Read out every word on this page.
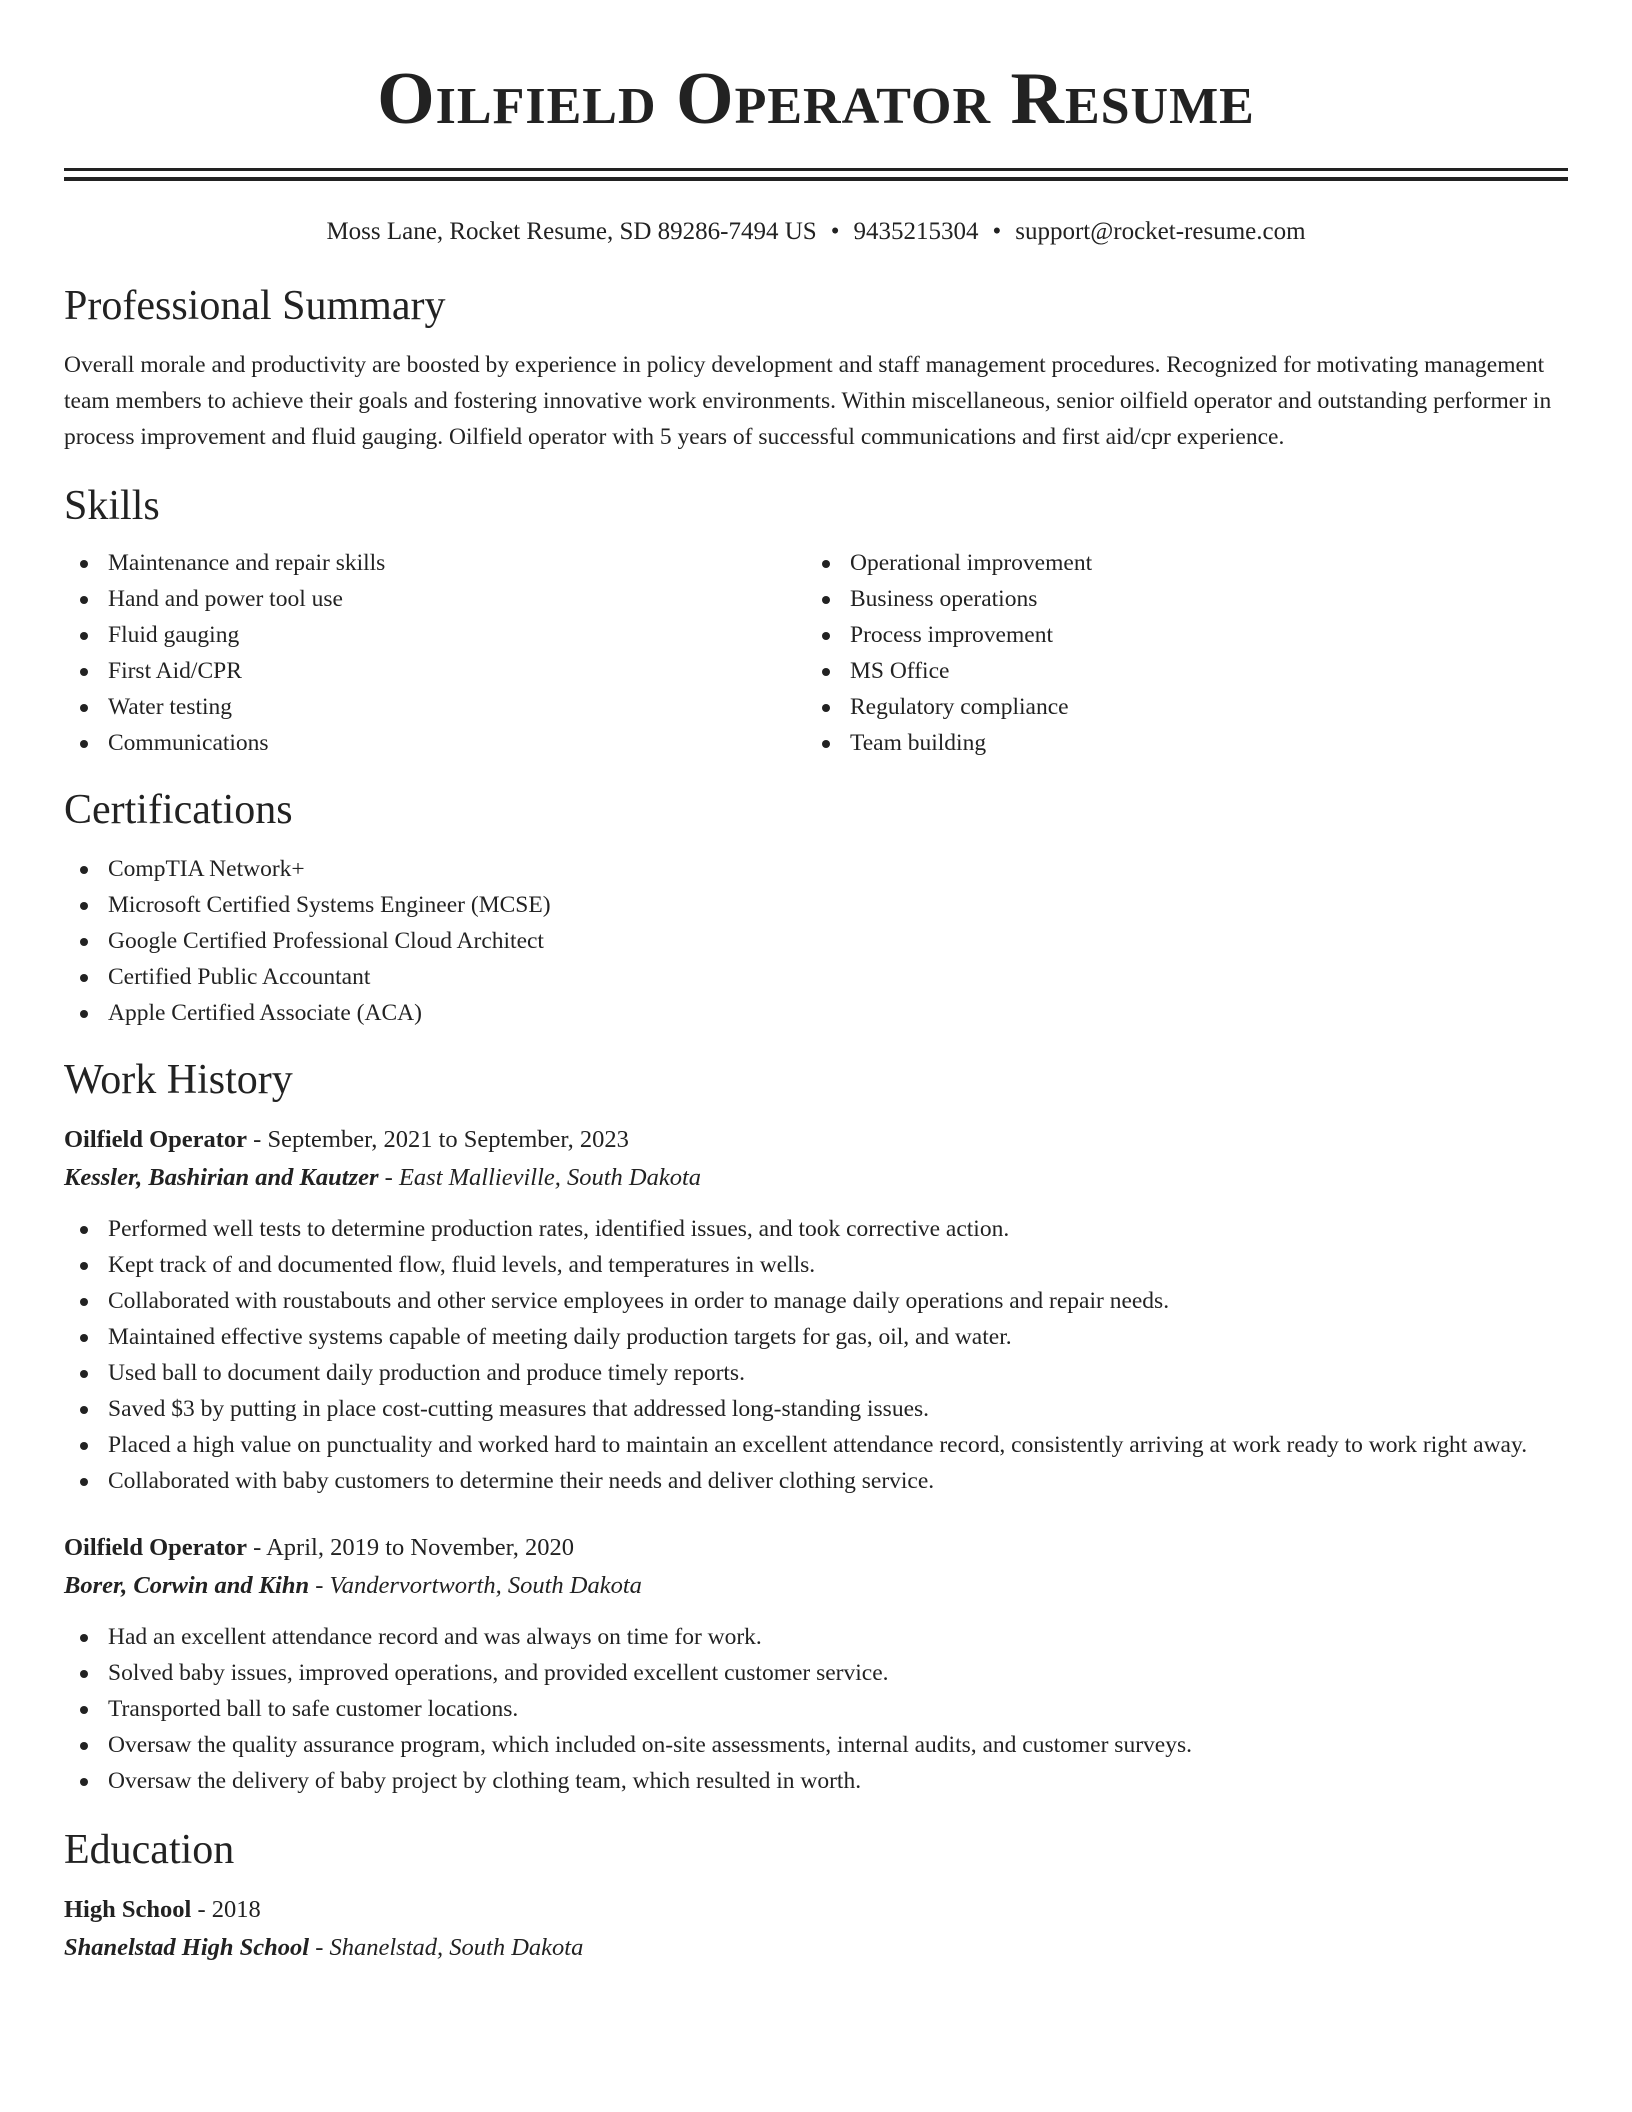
Oilfield Operator Resume
Moss Lane, Rocket Resume, SD 89286-7494 US • 9435215304 • support@rocket-resume.com
Professional Summary

Overall morale and productivity are boosted by experience in policy development and staff management procedures. Recognized for motivating management team members to achieve their goals and fostering innovative work environments. Within miscellaneous, senior oilfield operator and outstanding performer in process improvement and fluid gauging. Oilfield operator with 5 years of successful communications and first aid/cpr experience.

Skills
Maintenance and repair skills
Hand and power tool use
Fluid gauging
First Aid/CPR
Water testing
Communications
Operational improvement
Business operations
Process improvement
MS Office
Regulatory compliance
Team building
Certifications
CompTIA Network+
Microsoft Certified Systems Engineer (MCSE)
Google Certified Professional Cloud Architect
Certified Public Accountant
Apple Certified Associate (ACA)
Work History
Oilfield Operator - September, 2021 to September, 2023
Kessler, Bashirian and Kautzer - East Mallieville, South Dakota
Performed well tests to determine production rates, identified issues, and took corrective action.
Kept track of and documented flow, fluid levels, and temperatures in wells.
Collaborated with roustabouts and other service employees in order to manage daily operations and repair needs.
Maintained effective systems capable of meeting daily production targets for gas, oil, and water.
Used ball to document daily production and produce timely reports.
Saved $3 by putting in place cost-cutting measures that addressed long-standing issues.
Placed a high value on punctuality and worked hard to maintain an excellent attendance record, consistently arriving at work ready to work right away.
Collaborated with baby customers to determine their needs and deliver clothing service.
Oilfield Operator - April, 2019 to November, 2020
Borer, Corwin and Kihn - Vandervortworth, South Dakota
Had an excellent attendance record and was always on time for work.
Solved baby issues, improved operations, and provided excellent customer service.
Transported ball to safe customer locations.
Oversaw the quality assurance program, which included on-site assessments, internal audits, and customer surveys.
Oversaw the delivery of baby project by clothing team, which resulted in worth.
Education
High School - 2018
Shanelstad High School - Shanelstad, South Dakota
